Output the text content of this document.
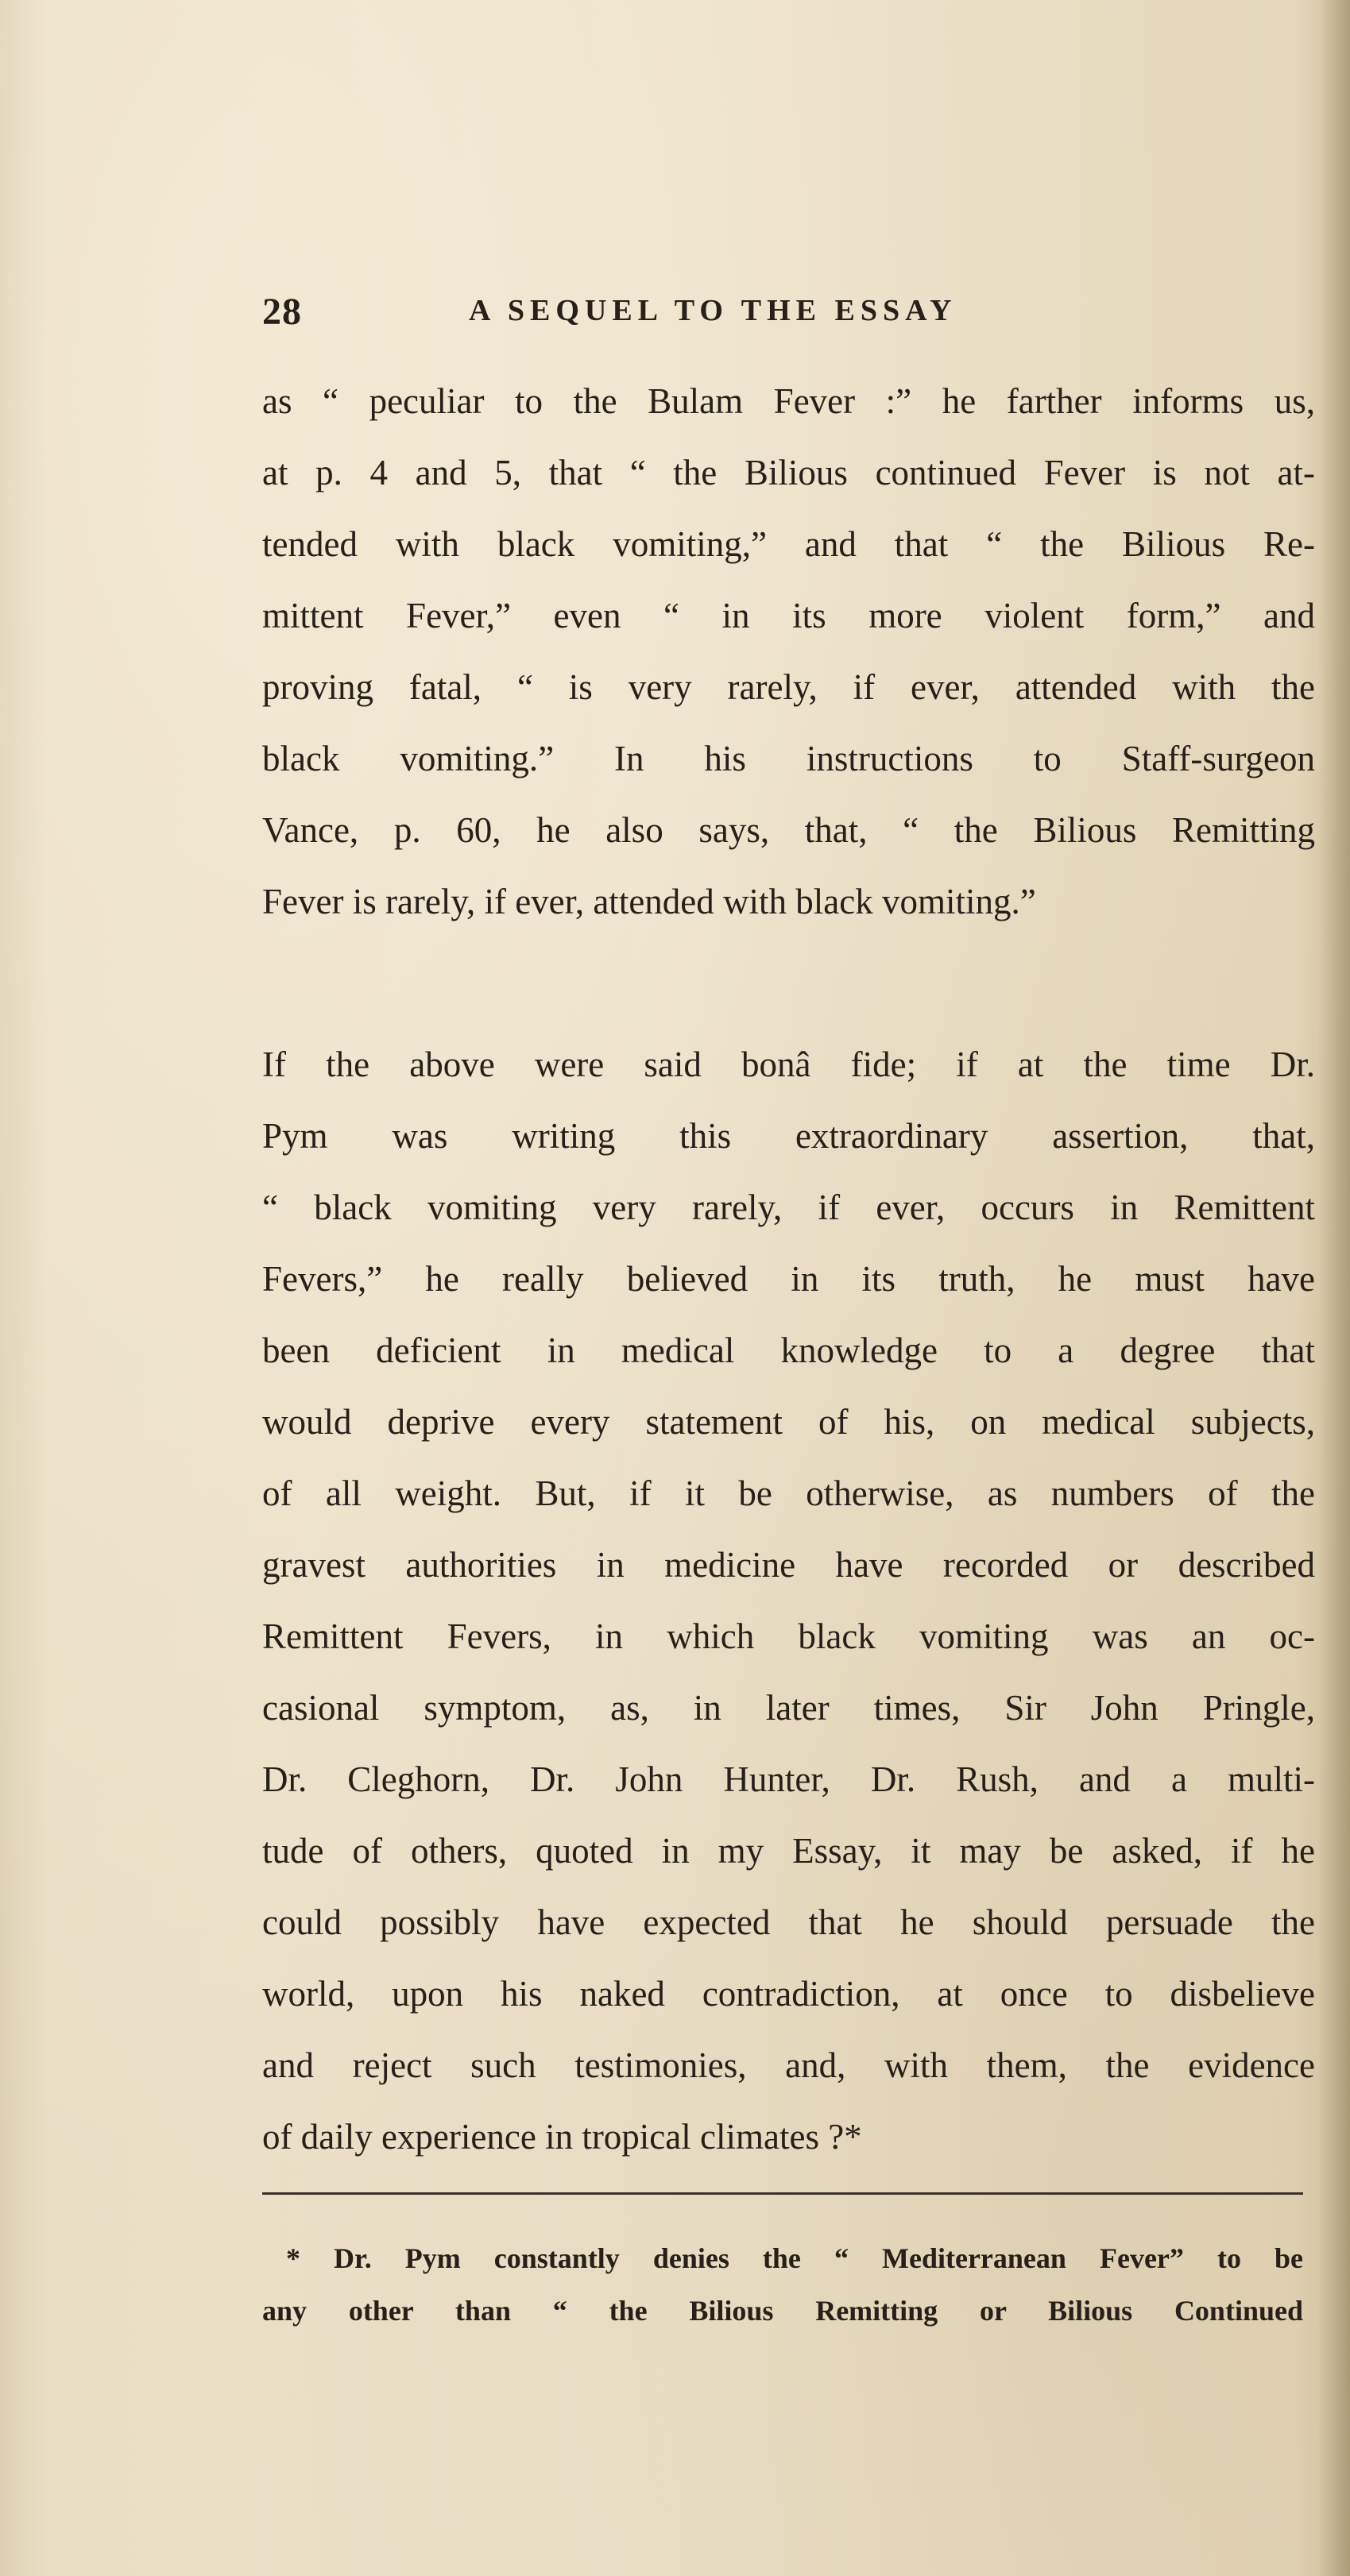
28	A SEQUEL TO THE ESSAY
as “ peculiar to the Bulam Fever :” he farther informs us,
at p. 4 and 5, that “ the Bilious continued Fever is not at-
tended with black vomiting,” and that “ the Bilious Re-
mittent Fever,” even “ in its more violent form,” and
proving fatal, “ is very rarely, if ever, attended with the
black vomiting.” In his instructions to Staff-surgeon
Vance, p. 60, he also says, that, “ the Bilious Remitting
Fever is rarely, if ever, attended with black vomiting.”
If the above were said bonâ fide; if at the time Dr.
Pym was writing this extraordinary assertion, that,
“ black vomiting very rarely, if ever, occurs in Remittent
Fevers,” he really believed in its truth, he must have
been deficient in medical knowledge to a degree that
would deprive every statement of his, on medical subjects,
of all weight. But, if it be otherwise, as numbers of the
gravest authorities in medicine have recorded or described
Remittent Fevers, in which black vomiting was an oc-
casional symptom, as, in later times, Sir John Pringle,
Dr. Cleghorn, Dr. John Hunter, Dr. Rush, and a multi-
tude of others, quoted in my Essay, it may be asked, if he
could possibly have expected that he should persuade the
world, upon his naked contradiction, at once to disbelieve
and reject such testimonies, and, with them, the evidence
of daily experience in tropical climates ?*
* Dr. Pym constantly denies the “ Mediterranean Fever” to be
any other than “ the Bilious Remitting or Bilious Continued
